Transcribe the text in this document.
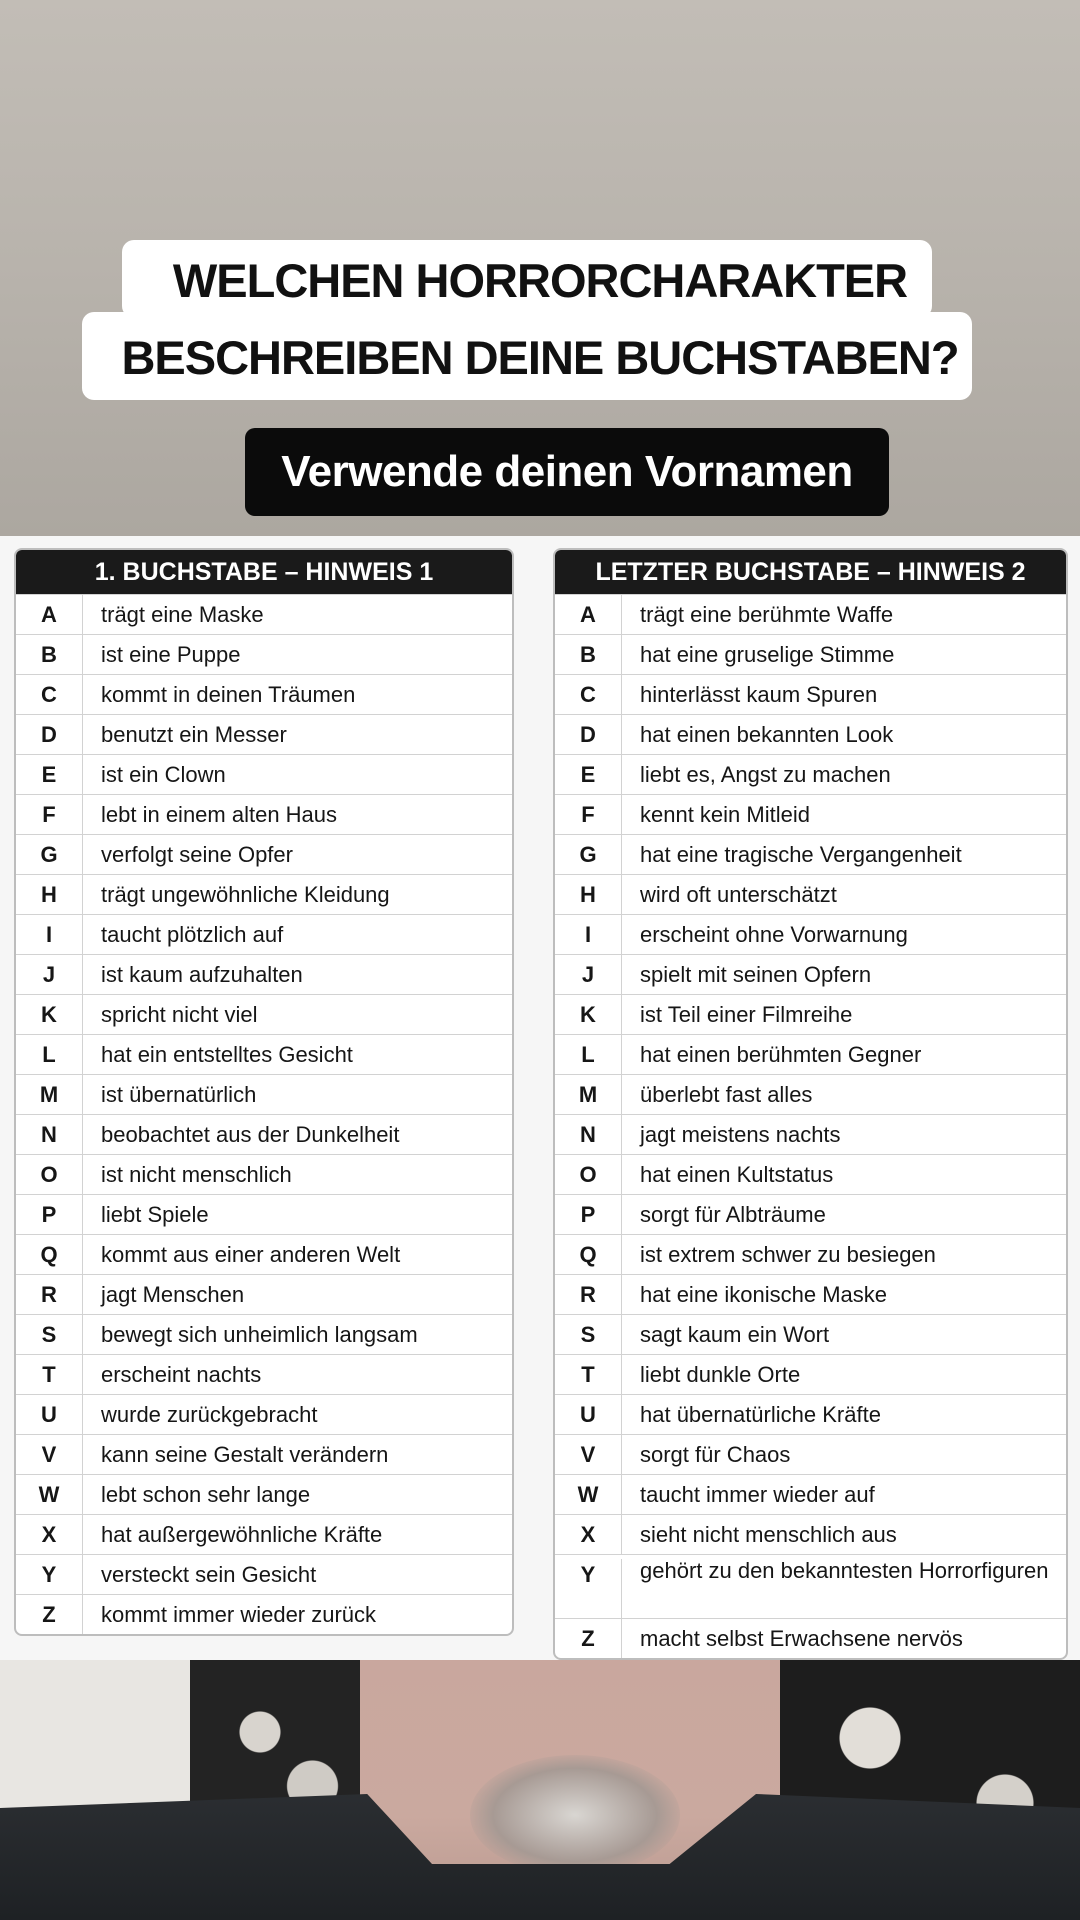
WELCHEN HORRORCHARAKTER
BESCHREIBEN DEINE BUCHSTABEN?
Verwende deinen Vornamen
1. BUCHSTABE – HINWEIS 1
A	trägt eine Maske
B	ist eine Puppe
C	kommt in deinen Träumen
D	benutzt ein Messer
E	ist ein Clown
F	lebt in einem alten Haus
G	verfolgt seine Opfer
H	trägt ungewöhnliche Kleidung
I	taucht plötzlich auf
J	ist kaum aufzuhalten
K	spricht nicht viel
L	hat ein entstelltes Gesicht
M	ist übernatürlich
N	beobachtet aus der Dunkelheit
O	ist nicht menschlich
P	liebt Spiele
Q	kommt aus einer anderen Welt
R	jagt Menschen
S	bewegt sich unheimlich langsam
T	erscheint nachts
U	wurde zurückgebracht
V	kann seine Gestalt verändern
W	lebt schon sehr lange
X	hat außergewöhnliche Kräfte
Y	versteckt sein Gesicht
Z	kommt immer wieder zurück
LETZTER BUCHSTABE – HINWEIS 2
A	trägt eine berühmte Waffe
B	hat eine gruselige Stimme
C	hinterlässt kaum Spuren
D	hat einen bekannten Look
E	liebt es, Angst zu machen
F	kennt kein Mitleid
G	hat eine tragische Vergangenheit
H	wird oft unterschätzt
I	erscheint ohne Vorwarnung
J	spielt mit seinen Opfern
K	ist Teil einer Filmreihe
L	hat einen berühmten Gegner
M	überlebt fast alles
N	jagt meistens nachts
O	hat einen Kultstatus
P	sorgt für Albträume
Q	ist extrem schwer zu besiegen
R	hat eine ikonische Maske
S	sagt kaum ein Wort
T	liebt dunkle Orte
U	hat übernatürliche Kräfte
V	sorgt für Chaos
W	taucht immer wieder auf
X	sieht nicht menschlich aus
Y	gehört zu den bekanntesten Horrorfiguren
Z	macht selbst Erwachsene nervös
